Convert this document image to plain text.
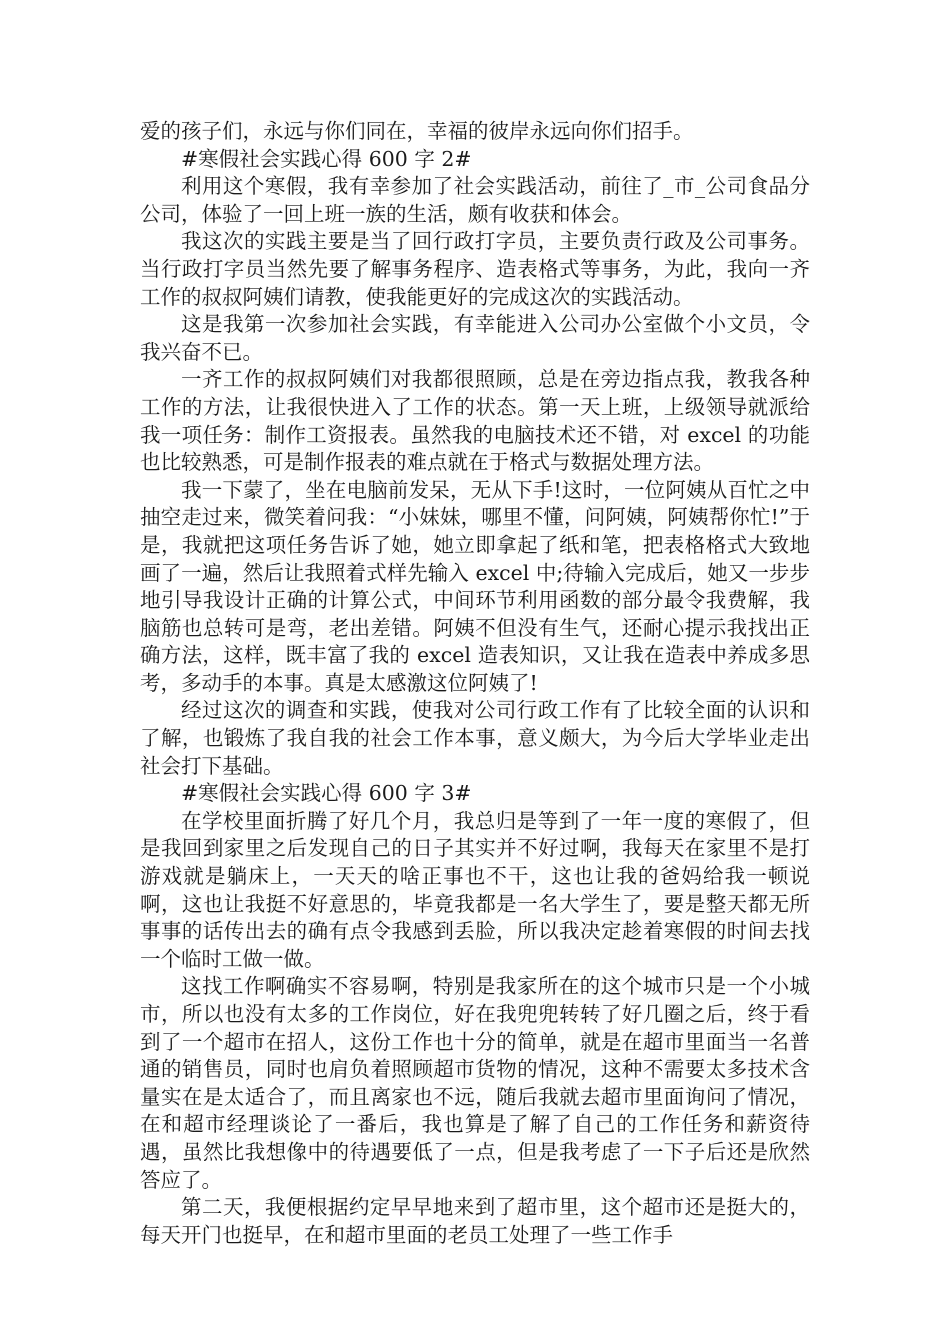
爱的孩子们，永远与你们同在，幸福的彼岸永远向你们招手。

#寒假社会实践心得 600 字 2#

利用这个寒假，我有幸参加了社会实践活动，前往了_市_公司食品分公司，体验了一回上班一族的生活，颇有收获和体会。

我这次的实践主要是当了回行政打字员，主要负责行政及公司事务。当行政打字员当然先要了解事务程序、造表格式等事务，为此，我向一齐工作的叔叔阿姨们请教，使我能更好的完成这次的实践活动。

这是我第一次参加社会实践，有幸能进入公司办公室做个小文员，令我兴奋不已。

一齐工作的叔叔阿姨们对我都很照顾，总是在旁边指点我，教我各种工作的方法，让我很快进入了工作的状态。第一天上班，上级领导就派给我一项任务：制作工资报表。虽然我的电脑技术还不错，对 excel 的功能也比较熟悉，可是制作报表的难点就在于格式与数据处理方法。

我一下蒙了，坐在电脑前发呆，无从下手!这时，一位阿姨从百忙之中抽空走过来，微笑着问我：“小妹妹，哪里不懂，问阿姨，阿姨帮你忙!”于是，我就把这项任务告诉了她，她立即拿起了纸和笔，把表格格式大致地画了一遍，然后让我照着式样先输入 excel 中;待输入完成后，她又一步步地引导我设计正确的计算公式，中间环节利用函数的部分最令我费解，我脑筋也总转可是弯，老出差错。阿姨不但没有生气，还耐心提示我找出正确方法，这样，既丰富了我的 excel 造表知识，又让我在造表中养成多思考，多动手的本事。真是太感激这位阿姨了!

经过这次的调查和实践，使我对公司行政工作有了比较全面的认识和了解，也锻炼了我自我的社会工作本事，意义颇大，为今后大学毕业走出社会打下基础。

#寒假社会实践心得 600 字 3#

在学校里面折腾了好几个月，我总归是等到了一年一度的寒假了，但是我回到家里之后发现自己的日子其实并不好过啊，我每天在家里不是打游戏就是躺床上，一天天的啥正事也不干，这也让我的爸妈给我一顿说啊，这也让我挺不好意思的，毕竟我都是一名大学生了，要是整天都无所事事的话传出去的确有点令我感到丢脸，所以我决定趁着寒假的时间去找一个临时工做一做。

这找工作啊确实不容易啊，特别是我家所在的这个城市只是一个小城市，所以也没有太多的工作岗位，好在我兜兜转转了好几圈之后，终于看到了一个超市在招人，这份工作也十分的简单，就是在超市里面当一名普通的销售员，同时也肩负着照顾超市货物的情况，这种不需要太多技术含量实在是太适合了，而且离家也不远，随后我就去超市里面询问了情况，在和超市经理谈论了一番后，我也算是了解了自己的工作任务和薪资待遇，虽然比我想像中的待遇要低了一点，但是我考虑了一下子后还是欣然答应了。

第二天，我便根据约定早早地来到了超市里，这个超市还是挺大的，每天开门也挺早，在和超市里面的老员工处理了一些工作手
